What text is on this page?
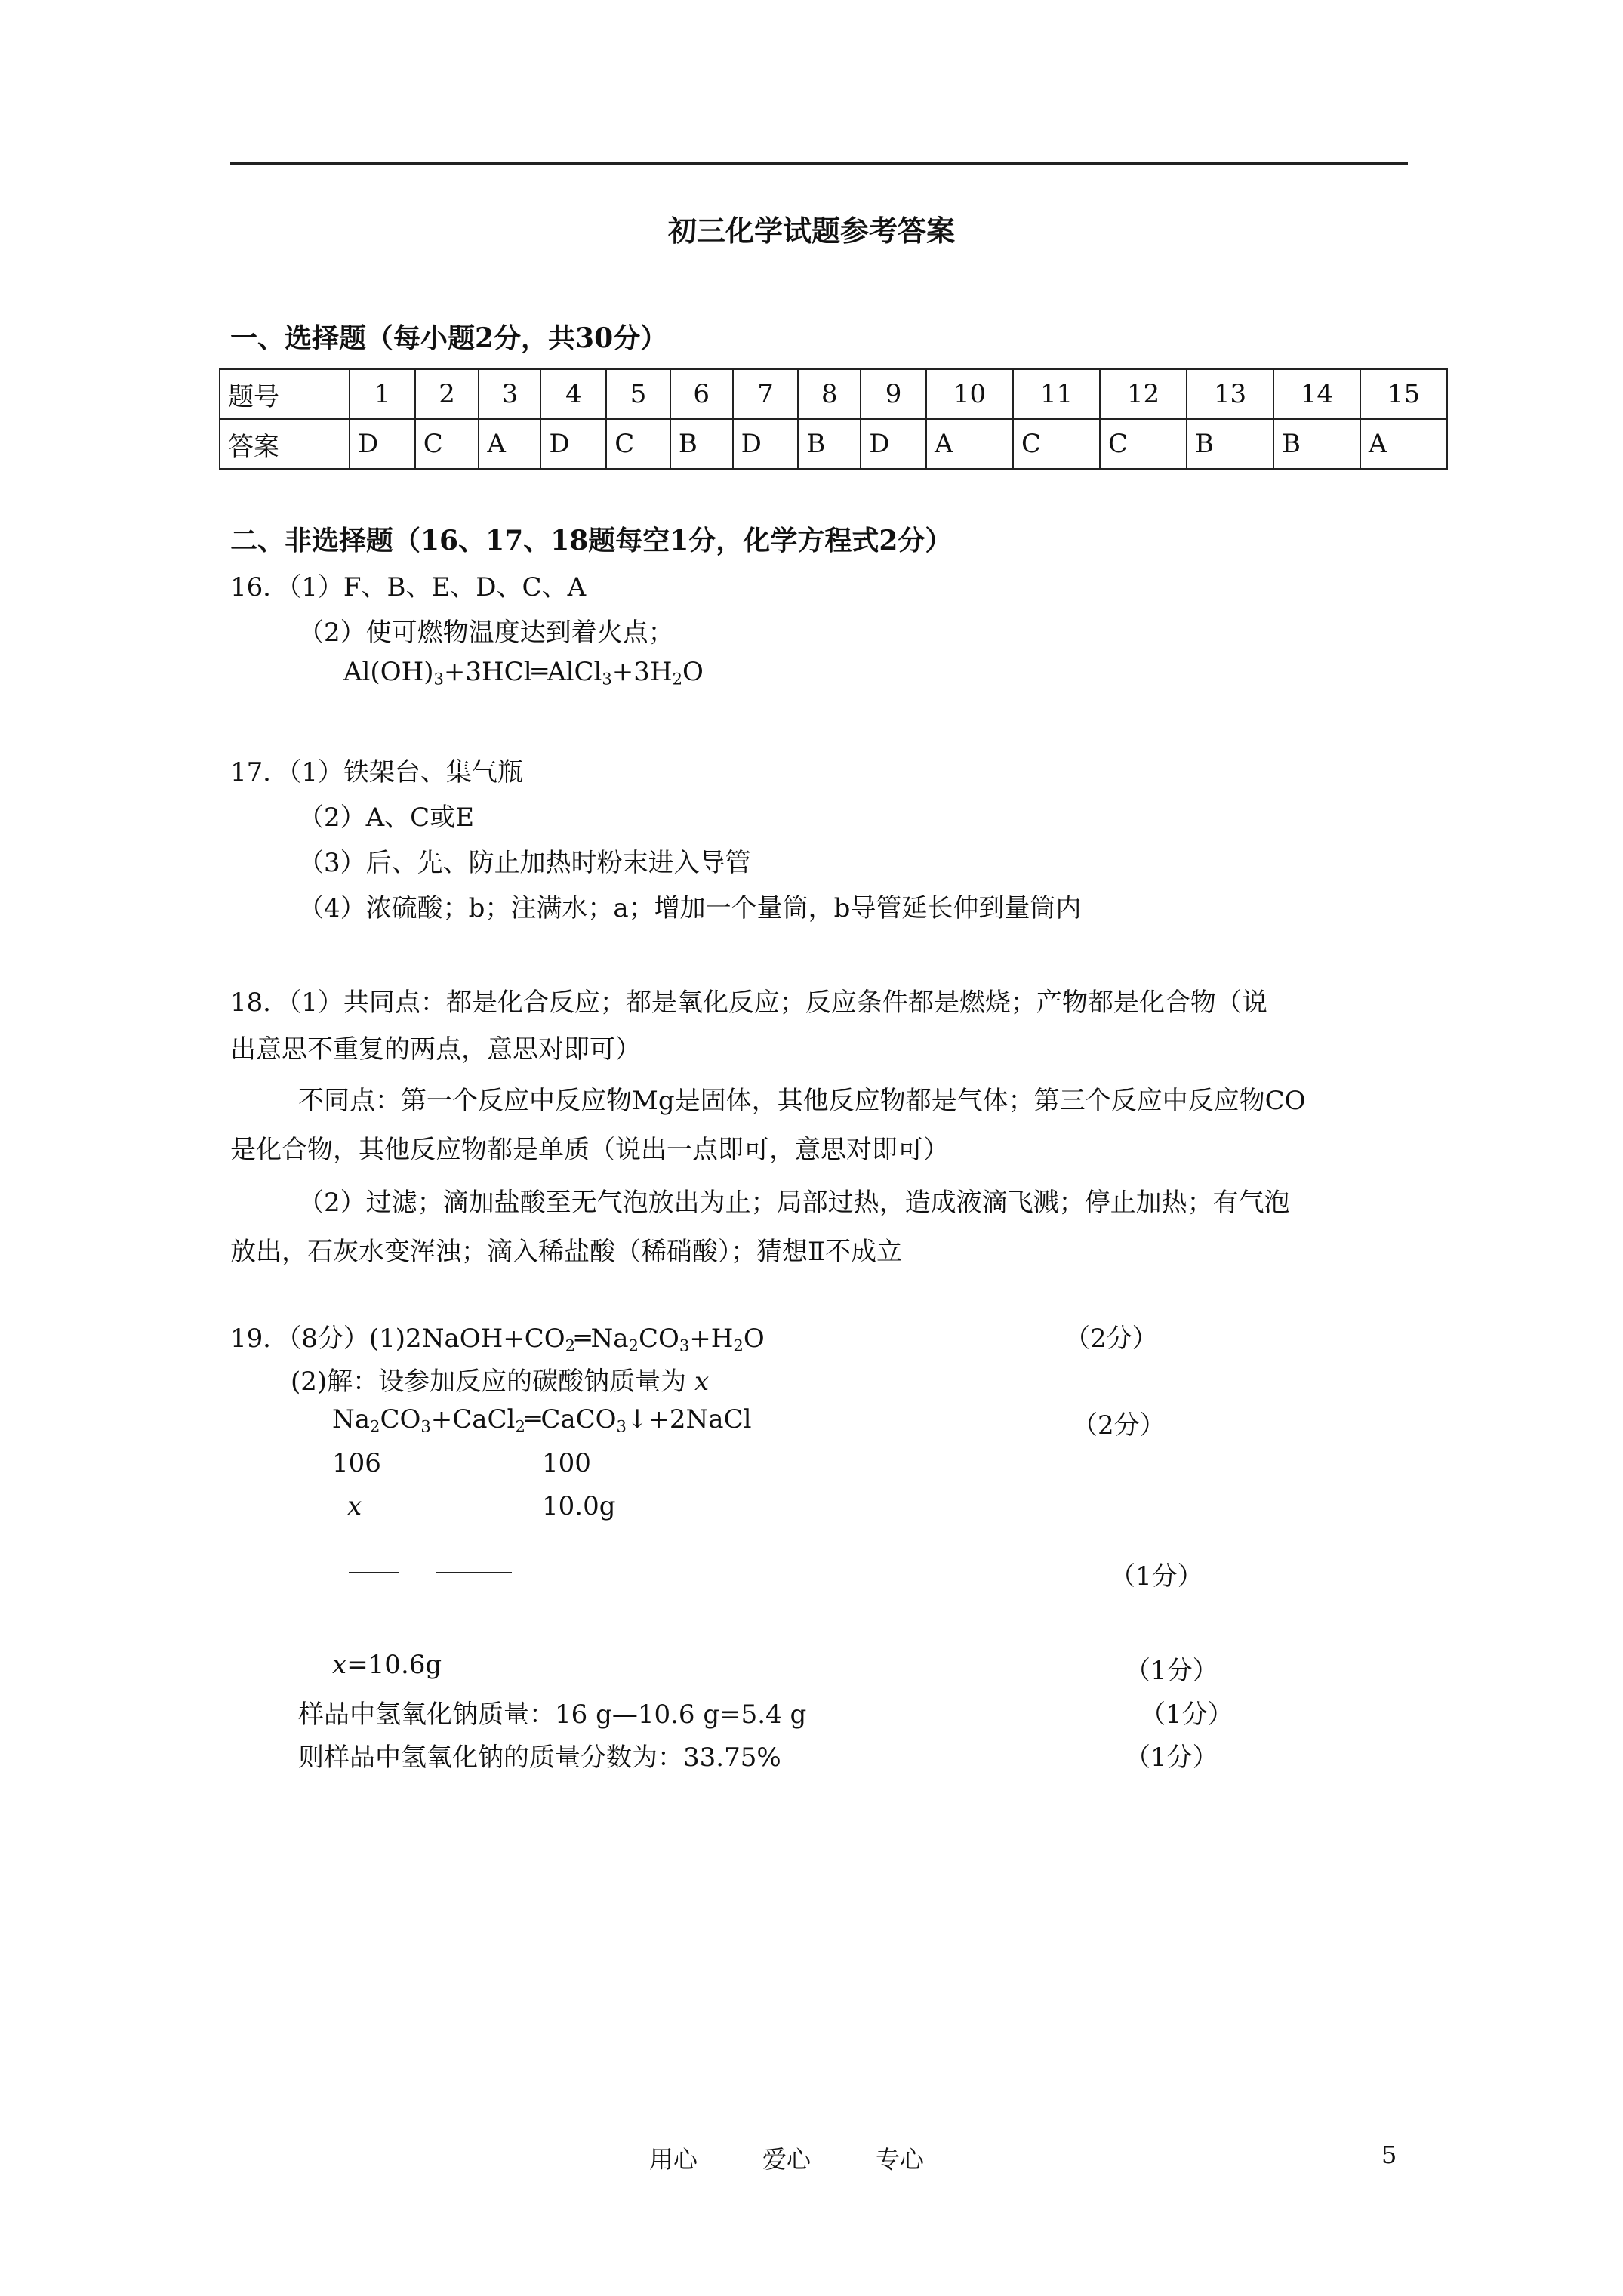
初三化学试题参考答案
一、选择题（每小题2分，共30分）
题号	1	2	3	4	5	6	7	8	9	10	11	12	13	14	15
答案	D	C	A	D	C	B	D	B	D	A	C	C	B	B	A
二、非选择题（16、17、18题每空1分，化学方程式2分）
16．（1）F、B、E、D、C、A
（2）使可燃物温度达到着火点；
$Al(OH)_3+3HCl═AlCl_3+3H_2O$
17．（1）铁架台、集气瓶
（2）A、C或E
（3）后、先、防止加热时粉末进入导管
（4）浓硫酸；b；注满水；a；增加一个量筒，b导管延长伸到量筒内
18．（1）共同点：都是化合反应；都是氧化反应；反应条件都是燃烧；产物都是化合物（说
出意思不重复的两点，意思对即可）
不同点：第一个反应中反应物Mg是固体，其他反应物都是气体；第三个反应中反应物CO
是化合物，其他反应物都是单质（说出一点即可，意思对即可）
（2）过滤；滴加盐酸至无气泡放出为止；局部过热，造成液滴飞溅；停止加热；有气泡
放出，石灰水变浑浊；滴入稀盐酸（稀硝酸）；猜想Ⅱ不成立
19．（8分）$(1)2NaOH+CO_2═Na_2CO_3+H_2O$	（2分）
(2)解：设参加反应的碳酸钠质量为 x
$Na_2CO_3+CaCl_2═CaCO_3↓+2NaCl$	（2分）
106	100
x	10.0g
（1分）
x=10.6g	（1分）
样品中氢氧化钠质量：16 g—10.6 g=5.4 g	（1分）
则样品中氢氧化钠的质量分数为：33.75%	（1分）
用心	爱心	专心	5
